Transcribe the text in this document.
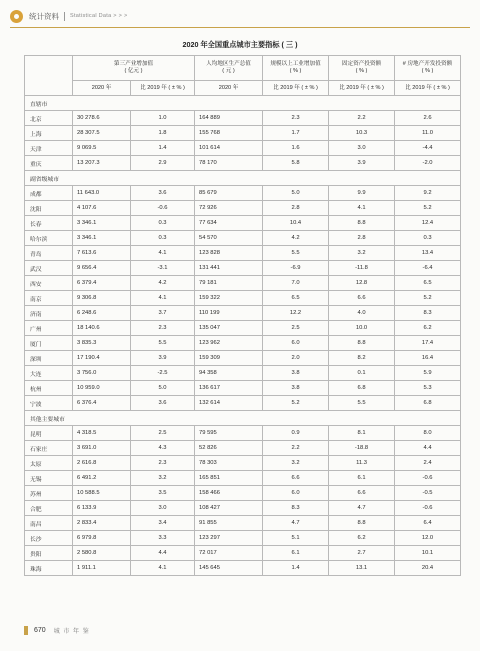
统计资料 Statistical Data > > >
2020 年全国重点城市主要指标 ( 三 )
	第三产业增加值
( 亿元 )		人均地区生产总值
( 元 )	规模以上工业增加值
( % )	固定资产投资额
( % )	# 房地产开发投资额
( % )
	2020 年	比 2019 年 ( ± % )	2020 年	比 2019 年 ( ± % )	比 2019 年 ( ± % )	比 2019 年 ( ± % )
直辖市						
北京	30 278.6	1.0	164 889	2.3	2.2	2.6
上海	28 307.5	1.8	155 768	1.7	10.3	11.0
天津	9 069.5	1.4	101 614	1.6	3.0	-4.4
重庆	13 207.3	2.9	78 170	5.8	3.9	-2.0
副省级城市						
成都	11 643.0	3.6	85 679	5.0	9.9	9.2
沈阳	4 107.6	-0.6	72 926	2.8	4.1	5.2
长春	3 346.1	0.3	77 634	10.4	8.8	12.4
哈尔滨	3 346.1	0.3	54 570	4.2	2.8	0.3
青岛	7 613.6	4.1	123 828	5.5	3.2	13.4
武汉	9 656.4	-3.1	131 441	-6.9	-11.8	-6.4
西安	6 379.4	4.2	79 181	7.0	12.8	6.5
南京	9 306.8	4.1	159 322	6.5	6.6	5.2
济南	6 248.6	3.7	110 199	12.2	4.0	8.3
广州	18 140.6	2.3	135 047	2.5	10.0	6.2
厦门	3 835.3	5.5	123 962	6.0	8.8	17.4
深圳	17 190.4	3.9	159 309	2.0	8.2	16.4
大连	3 756.0	-2.5	94 358	3.8	0.1	5.9
杭州	10 959.0	5.0	136 617	3.8	6.8	5.3
宁波	6 376.4	3.6	132 614	5.2	5.5	6.8
其他主要城市						
昆明	4 318.5	2.5	79 595	0.9	8.1	8.0
石家庄	3 691.0	4.3	52 826	2.2	-18.8	4.4
太原	2 616.8	2.3	78 303	3.2	11.3	2.4
无锡	6 491.2	3.2	165 851	6.6	6.1	-0.6
苏州	10 588.5	3.5	158 466	6.0	6.6	-0.5
合肥	6 133.9	3.0	108 427	8.3	4.7	-0.6
南昌	2 833.4	3.4	91 855	4.7	8.8	6.4
长沙	6 979.8	3.3	123 297	5.1	6.2	12.0
贵阳	2 580.8	4.4	72 017	6.1	2.7	10.1
珠海	1 911.1	4.1	145 645	1.4	13.1	20.4
670 城 市 年 鉴
